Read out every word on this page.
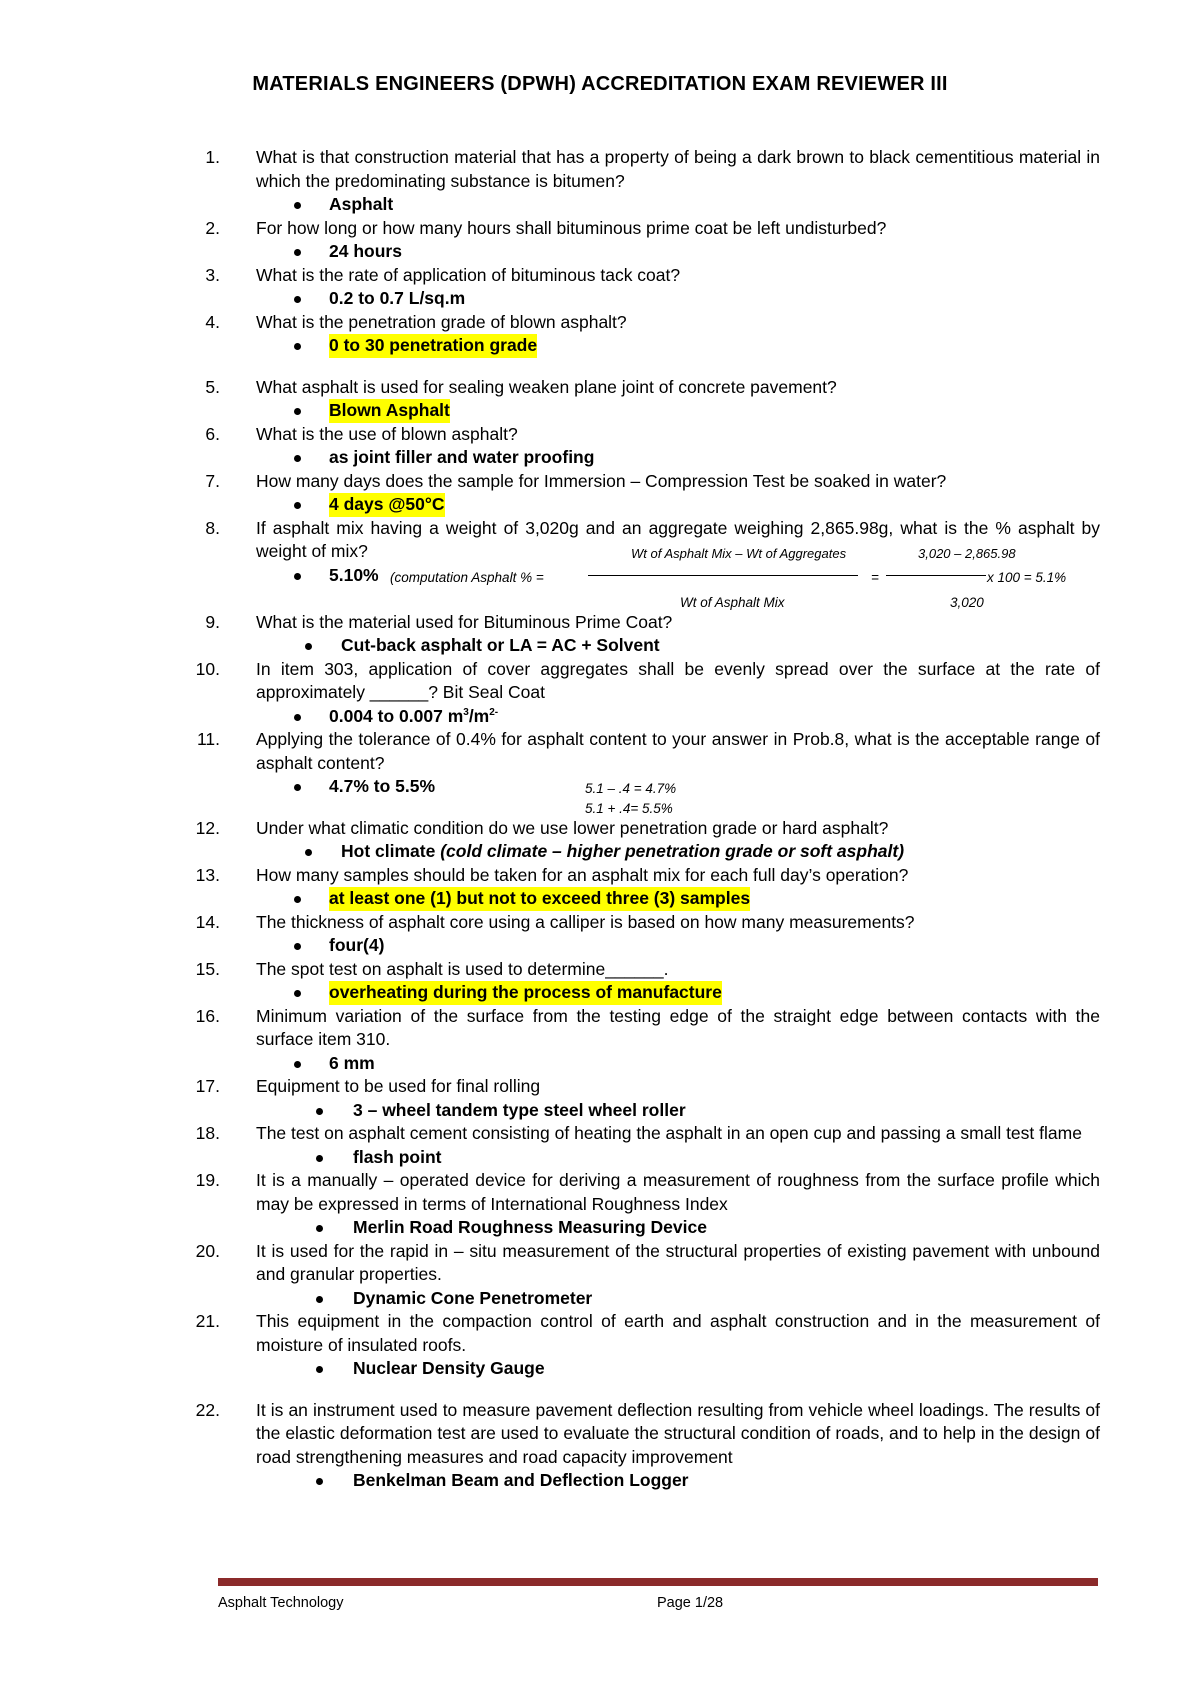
MATERIALS ENGINEERS (DPWH) ACCREDITATION EXAM REVIEWER III
1. What is that construction material that has a property of being a dark brown to black cementitious material in which the predominating substance is bitumen?
Asphalt
2. For how long or how many hours shall bituminous prime coat be left undisturbed?
24 hours
3. What is the rate of application of bituminous tack coat?
0.2 to 0.7 L/sq.m
4. What is the penetration grade of blown asphalt?
0 to 30 penetration grade
5. What asphalt is used for sealing weaken plane joint of concrete pavement?
Blown Asphalt
6. What is the use of blown asphalt?
as joint filler and water proofing
7. How many days does the sample for Immersion – Compression Test be soaked in water?
4 days @50°C
8. If asphalt mix having a weight of 3,020g and an aggregate weighing 2,865.98g, what is the % asphalt by weight of mix?	Wt of Asphalt Mix – Wt of Aggregates	3,020 – 2,865.98
5.10% (computation Asphalt % =	=	x 100 = 5.1%
Wt of Asphalt Mix	3,020
9. What is the material used for Bituminous Prime Coat?
Cut-back asphalt or LA = AC + Solvent
10. In item 303, application of cover aggregates shall be evenly spread over the surface at the rate of approximately ______? Bit Seal Coat
0.004 to 0.007 $m^3/m^{2-}$
11. Applying the tolerance of 0.4% for asphalt content to your answer in Prob.8, what is the acceptable range of asphalt content?
4.7% to 5.5%	5.1 – .4 = 4.7%
5.1 + .4= 5.5%
12. Under what climatic condition do we use lower penetration grade or hard asphalt?
Hot climate (cold climate – higher penetration grade or soft asphalt)
13. How many samples should be taken for an asphalt mix for each full day’s operation?
at least one (1) but not to exceed three (3) samples
14. The thickness of asphalt core using a calliper is based on how many measurements?
four(4)
15. The spot test on asphalt is used to determine______.
overheating during the process of manufacture
16. Minimum variation of the surface from the testing edge of the straight edge between contacts with the surface item 310.
6 mm
17. Equipment to be used for final rolling
3 – wheel tandem type steel wheel roller
18. The test on asphalt cement consisting of heating the asphalt in an open cup and passing a small test flame
flash point
19. It is a manually – operated device for deriving a measurement of roughness from the surface profile which may be expressed in terms of International Roughness Index
Merlin Road Roughness Measuring Device
20. It is used for the rapid in – situ measurement of the structural properties of existing pavement with unbound and granular properties.
Dynamic Cone Penetrometer
21. This equipment in the compaction control of earth and asphalt construction and in the measurement of moisture of insulated roofs.
Nuclear Density Gauge
22. It is an instrument used to measure pavement deflection resulting from vehicle wheel loadings. The results of the elastic deformation test are used to evaluate the structural condition of roads, and to help in the design of road strengthening measures and road capacity improvement
Benkelman Beam and Deflection Logger
Asphalt Technology	Page 1/28
